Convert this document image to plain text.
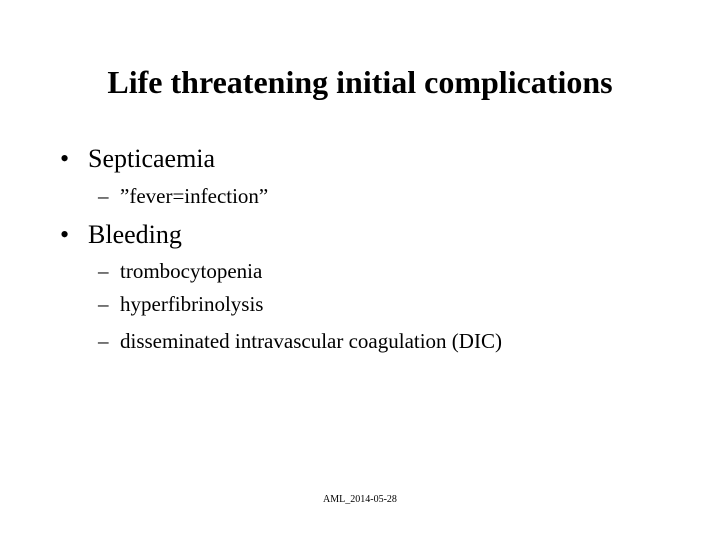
Life threatening initial complications
• Septicaemia
– ”fever=infection”
• Bleeding
– trombocytopenia
– hyperfibrinolysis
– disseminated intravascular coagulation (DIC)
AML_2014-05-28
